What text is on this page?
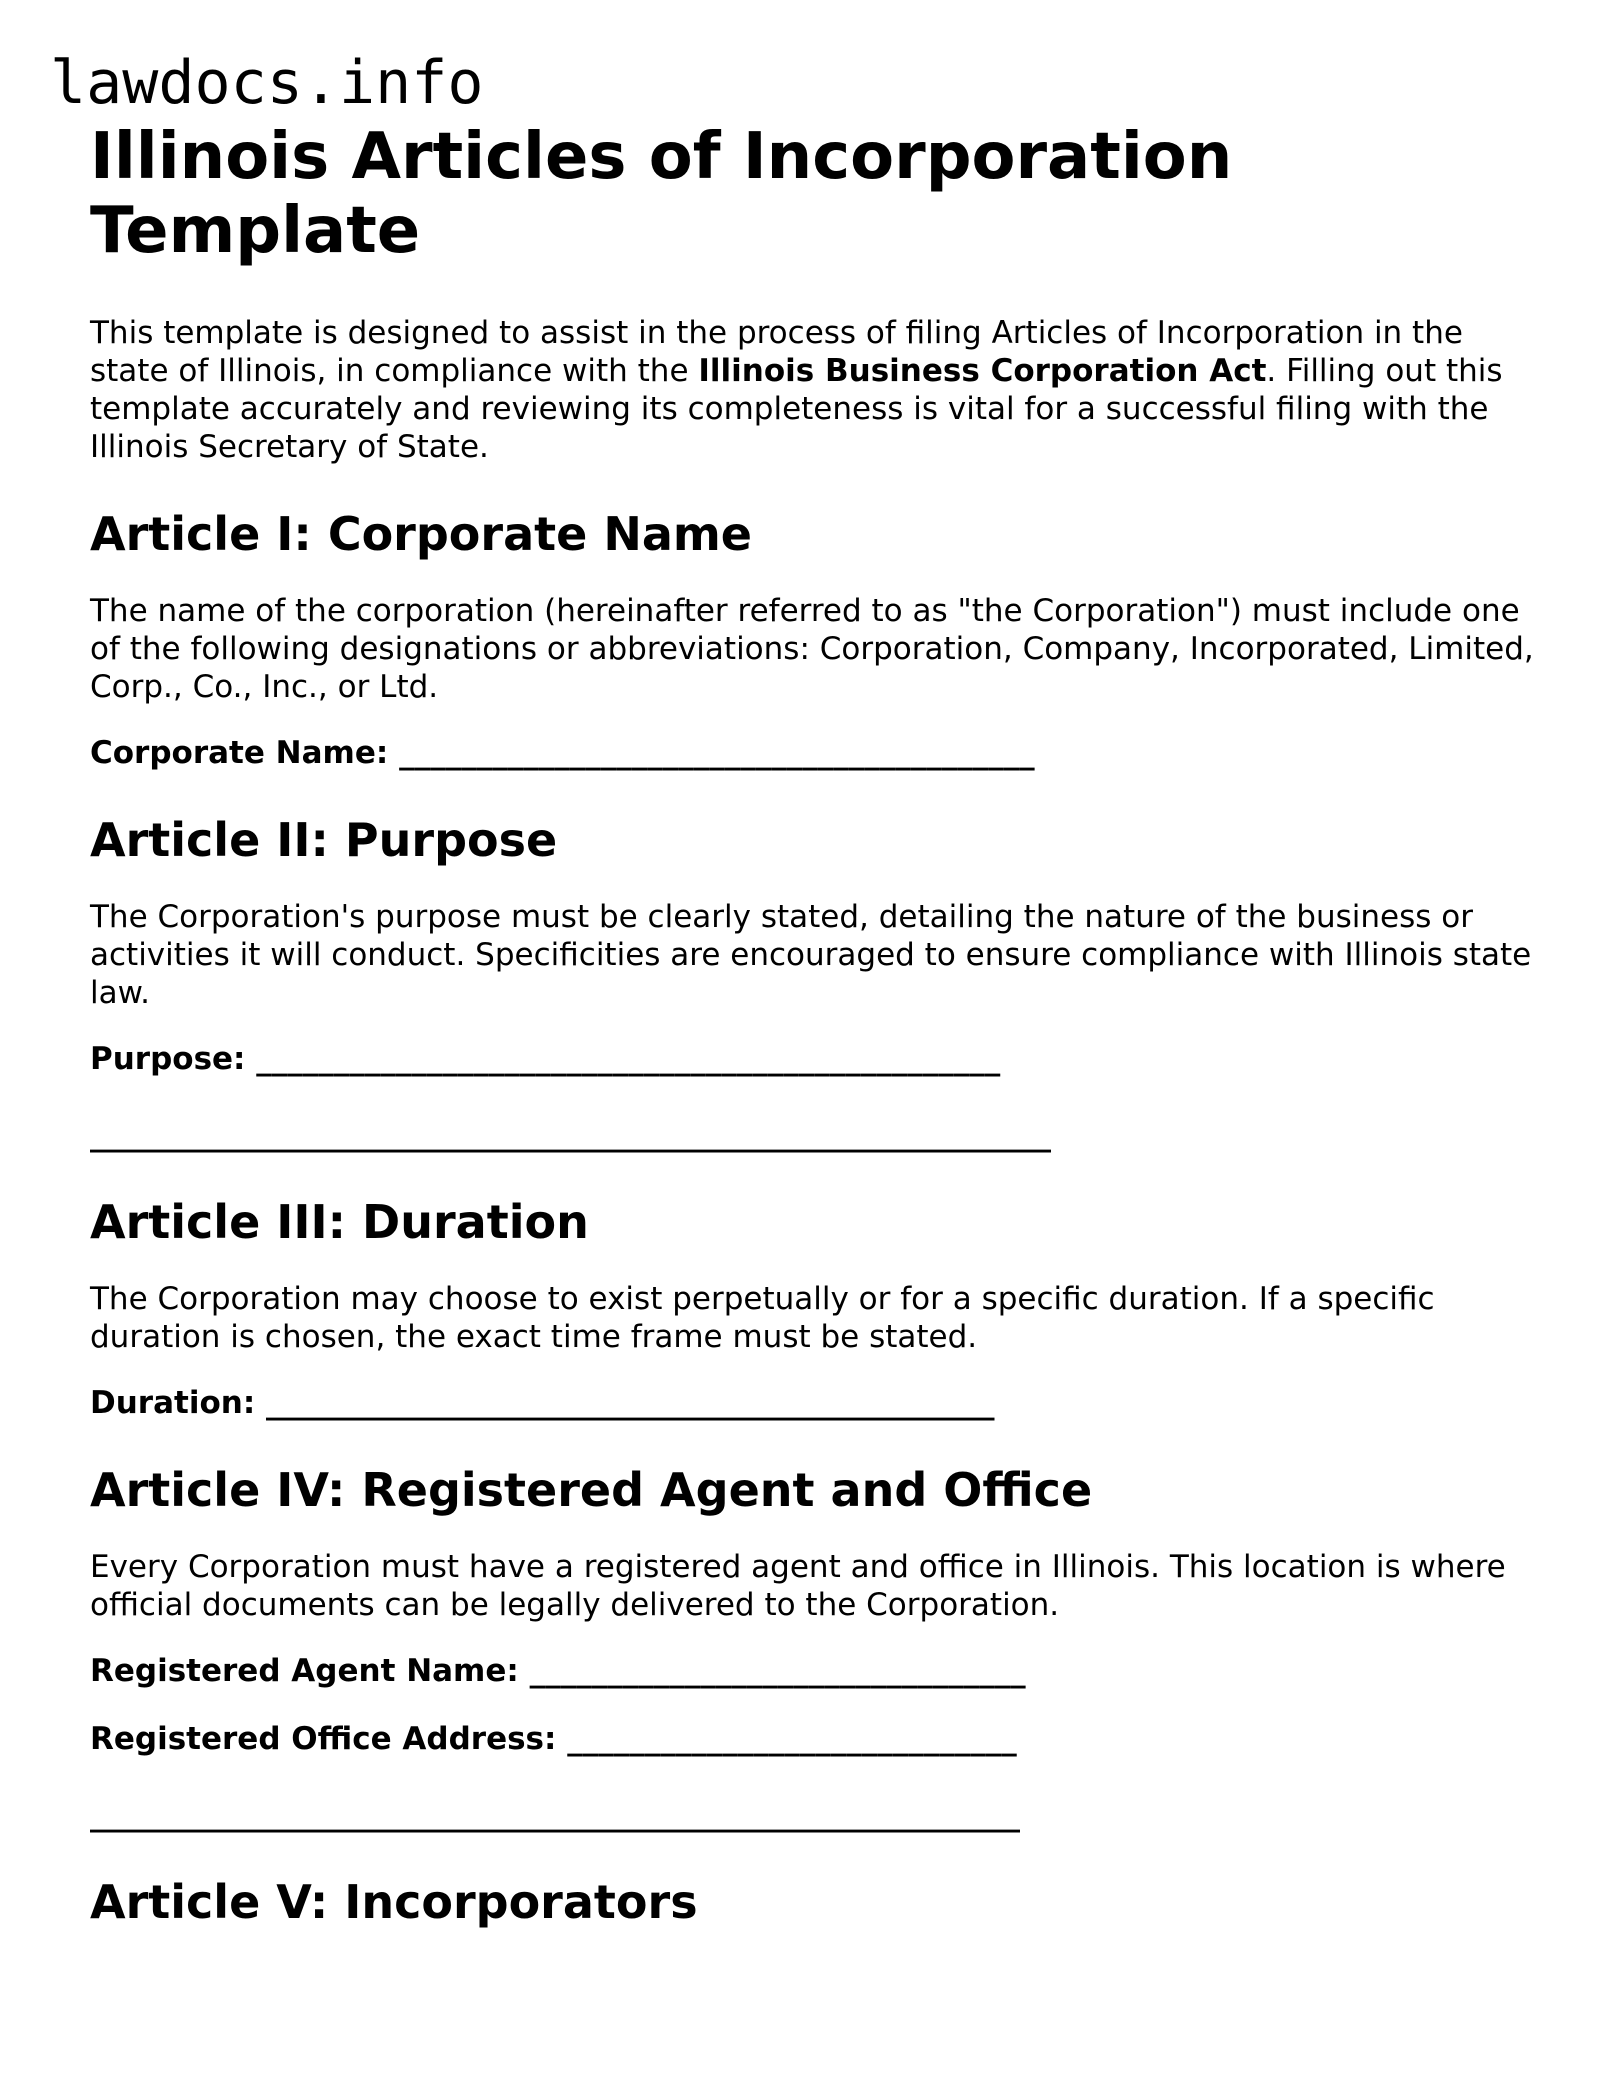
lawdocs.info
Illinois Articles of Incorporation Template

This template is designed to assist in the process of filing Articles of Incorporation in the state of Illinois, in compliance with the Illinois Business Corporation Act. Filling out this template accurately and reviewing its completeness is vital for a successful filing with the Illinois Secretary of State.

Article I: Corporate Name

The name of the corporation (hereinafter referred to as "the Corporation") must include one of the following designations or abbreviations: Corporation, Company, Incorporated, Limited, Corp., Co., Inc., or Ltd.

Corporate Name: _________________________________________
Article II: Purpose

The Corporation's purpose must be clearly stated, detailing the nature of the business or activities it will conduct. Specificities are encouraged to ensure compliance with Illinois state law.

Purpose: ________________________________________________
______________________________________________________________
Article III: Duration

The Corporation may choose to exist perpetually or for a specific duration. If a specific duration is chosen, the exact time frame must be stated.

Duration: _______________________________________________
Article IV: Registered Agent and Office

Every Corporation must have a registered agent and office in Illinois. This location is where official documents can be legally delivered to the Corporation.

Registered Agent Name: ________________________________
Registered Office Address: _____________________________
____________________________________________________________
Article V: Incorporators
